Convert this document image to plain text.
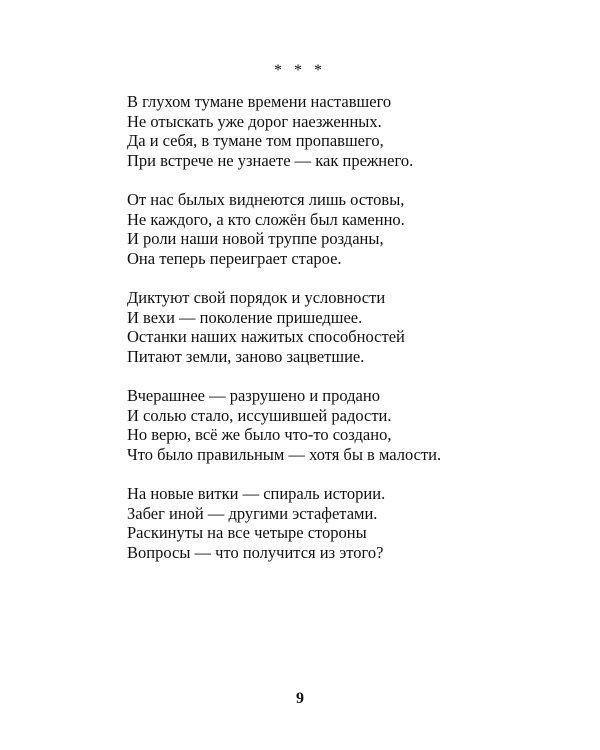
* * *
В глухом тумане времени наставшего
Не отыскать уже дорог наезженных.
Да и себя, в тумане том пропавшего,
При встрече не узнаете — как прежнего.
От нас былых виднеются лишь остовы,
Не каждого, а кто сложён был каменно.
И роли наши новой труппе розданы,
Она теперь переиграет старое.
Диктуют свой порядок и условности
И вехи — поколение пришедшее.
Останки наших нажитых способностей
Питают земли, заново зацветшие.
Вчерашнее — разрушено и продано
И солью стало, иссушившей радости.
Но верю, всё же было что-то создано,
Что было правильным — хотя бы в малости.
На новые витки — спираль истории.
Забег иной — другими эстафетами.
Раскинуты на все четыре стороны
Вопросы — что получится из этого?
9
